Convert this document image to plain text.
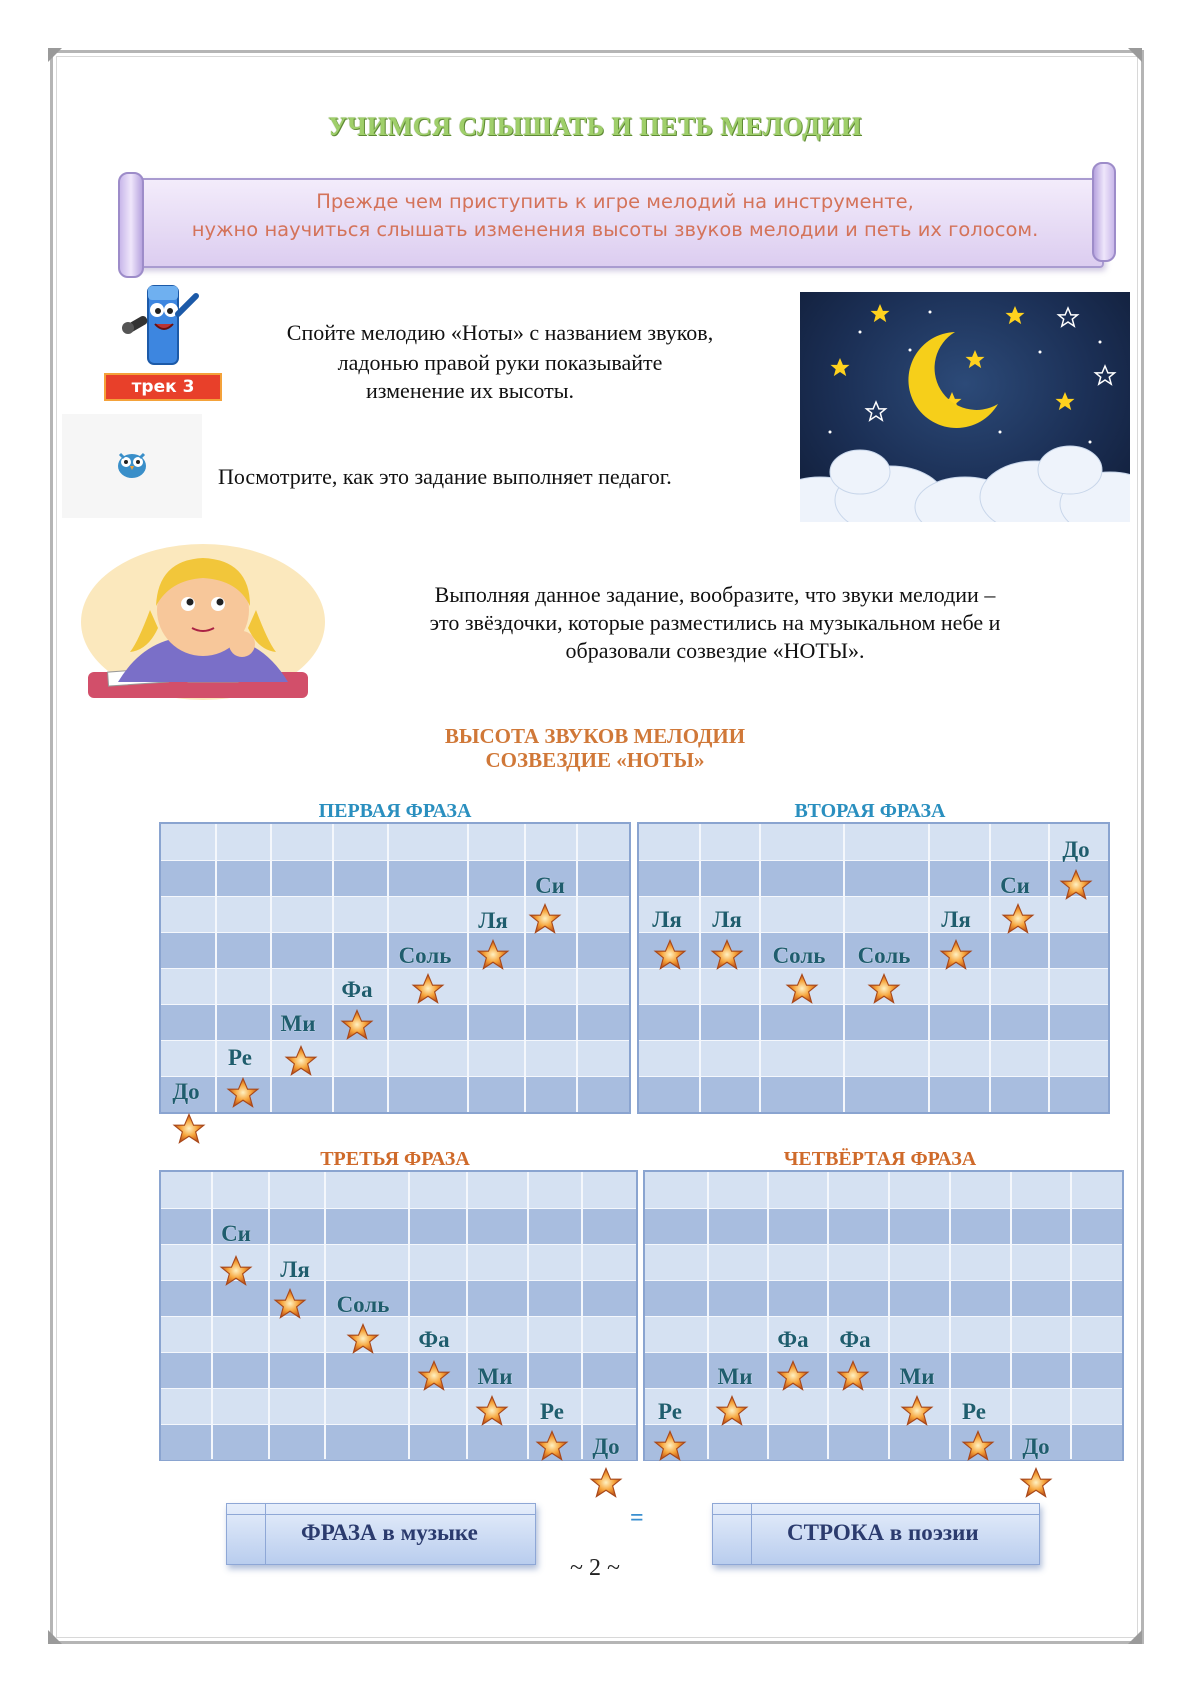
УЧИМСЯ СЛЫШАТЬ И ПЕТЬ МЕЛОДИИ
Прежде чем приступить к игре мелодий на инструменте,
нужно научиться слышать изменения высоты звуков мелодии и петь их голосом.
трек 3
Спойте мелодию «Ноты» с названием звуков,
ладонью правой руки показывайте
изменение их высоты.
Посмотрите, как это задание выполняет педагог.
Выполняя данное задание, вообразите, что звуки мелодии –
это звёздочки, которые разместились на музыкальном небе и
образовали созвездие «НОТЫ».
ВЫСОТА ЗВУКОВ МЕЛОДИИ
СОЗВЕЗДИЕ «НОТЫ»
ПЕРВАЯ ФРАЗА	ВТОРАЯ ФРАЗА
ТРЕТЬЯ ФРАЗА	ЧЕТВЁРТАЯ ФРАЗА
До
Ре
Ми
Фа
Соль
Ля
Си
Ля Ля
Соль Соль
Ля
Си
До
Си
Ля
Соль
Фа
Ми
Ре
До
Ре
Ми
Фа Фа
Ми
Ре
До
ФРАЗА в музыке
=
СТРОКА в поэзии
~ 2 ~
